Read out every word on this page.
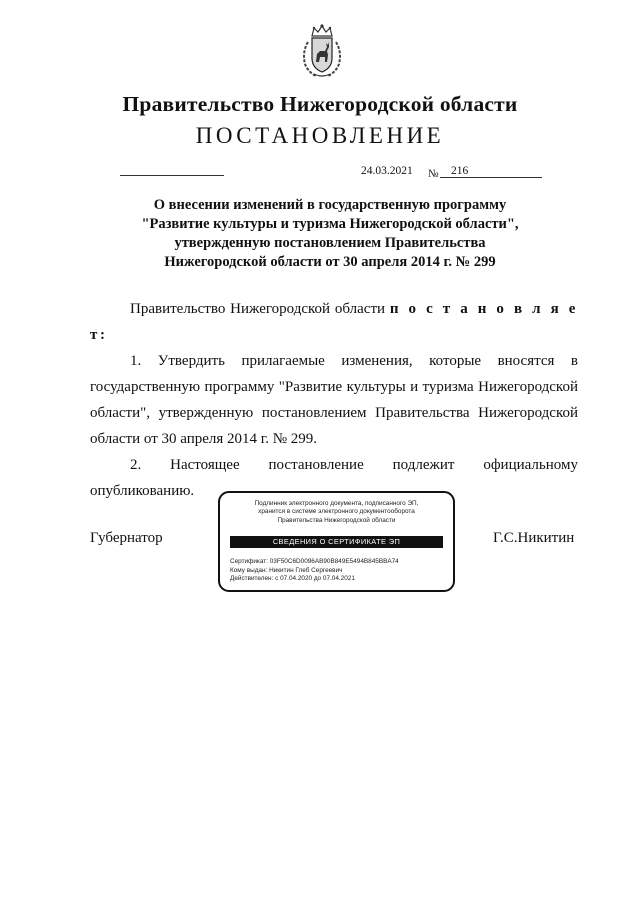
Правительство Нижегородской области
ПОСТАНОВЛЕНИЕ
24.03.2021 № 216
О внесении изменений в государственную программу
"Развитие культуры и туризма Нижегородской области",
утвержденную постановлением Правительства
Нижегородской области от 30 апреля 2014 г. № 299

Правительство Нижегородской области п о с т а н о в л я е т:

1. Утвердить прилагаемые изменения, которые вносятся в государственную программу "Развитие культуры и туризма Нижегородской области", утвержденную постановлением Правительства Нижегородской области от 30 апреля 2014 г. № 299.

2. Настоящее постановление подлежит официальному опубликованию.

Губернатор	Г.С.Никитин
Подлинник электронного документа, подписанного ЭП,
хранится в системе электронного документооборота
Правительства Нижегородской области
СВЕДЕНИЯ О СЕРТИФИКАТЕ ЭП
Сертификат: 03F50C6D0096AB90B849E5494B845BBA74
Кому выдан: Никитин Глеб Сергеевич
Действителен: с 07.04.2020 до 07.04.2021
